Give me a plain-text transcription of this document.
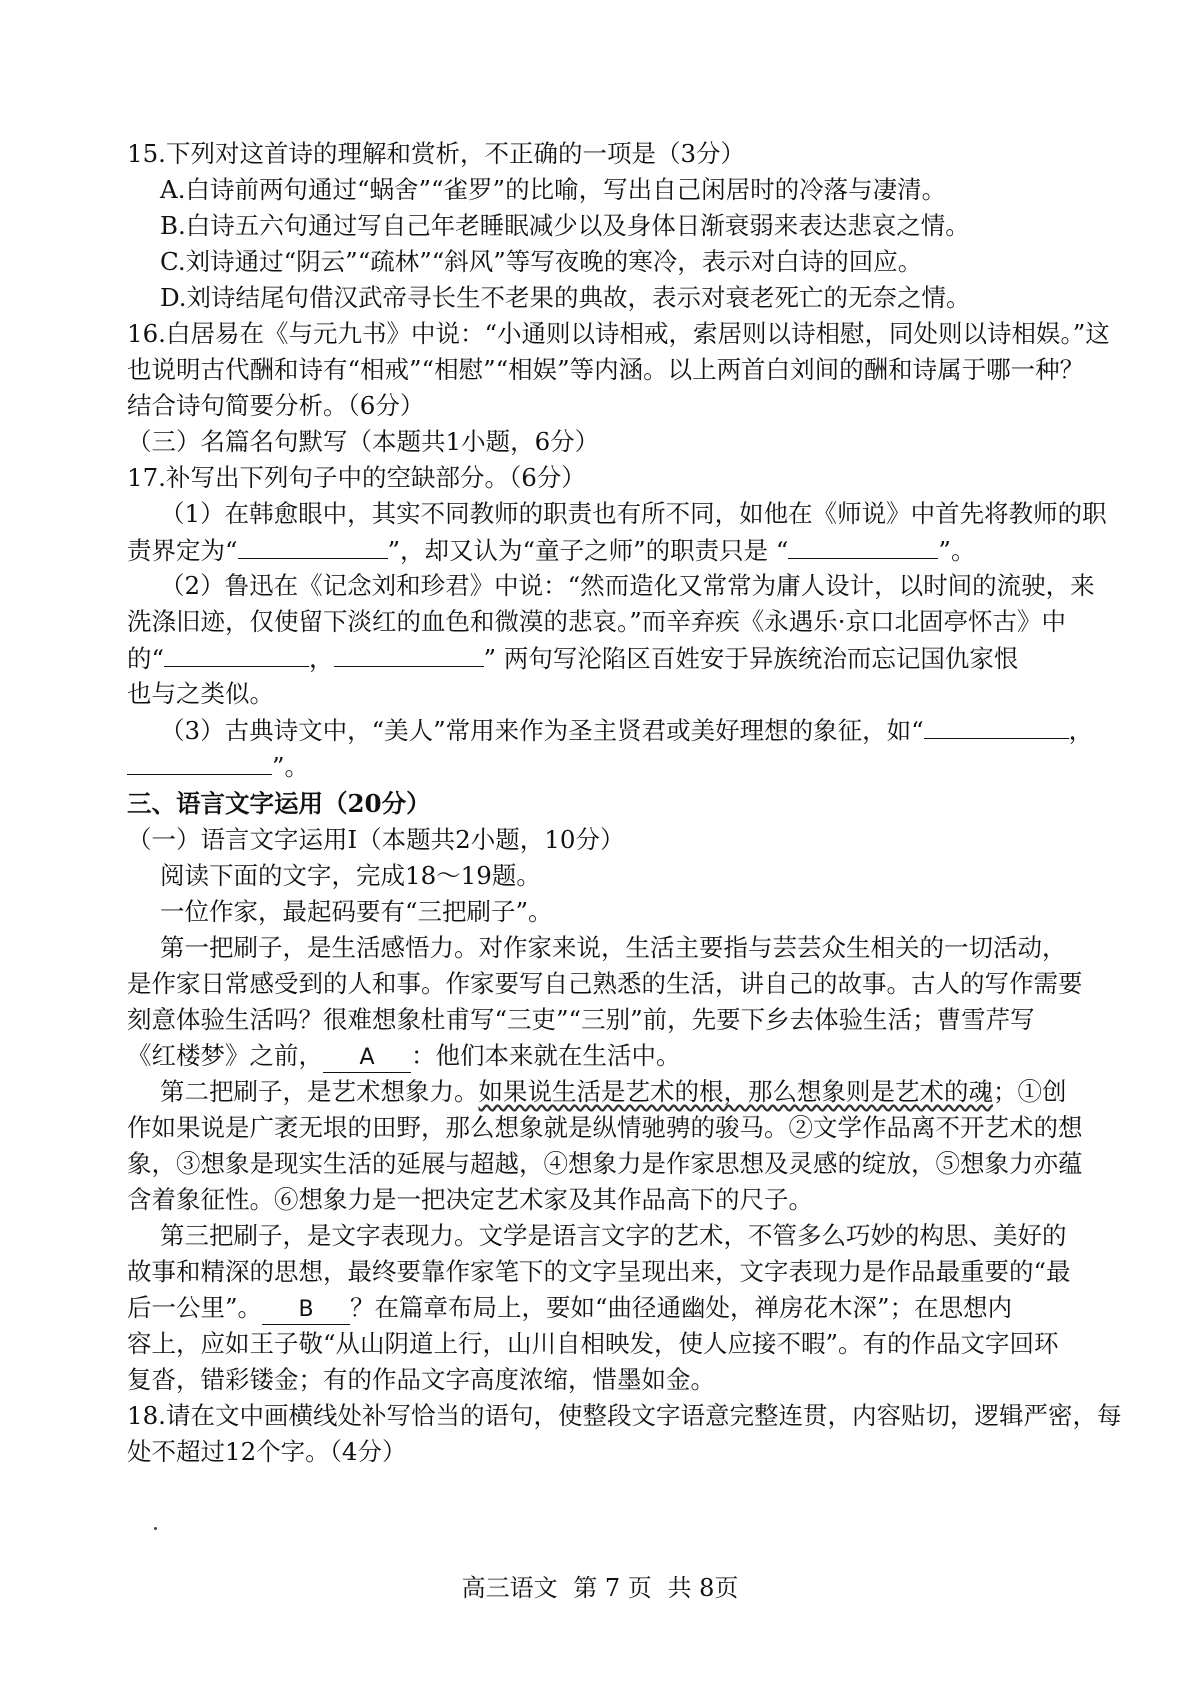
15.下列对这首诗的理解和赏析，不正确的一项是（3分）
A.白诗前两句通过“蜗舍”“雀罗”的比喻，写出自己闲居时的冷落与凄清。
B.白诗五六句通过写自己年老睡眠减少以及身体日渐衰弱来表达悲哀之情。
C.刘诗通过“阴云”“疏林”“斜风”等写夜晚的寒冷，表示对白诗的回应。
D.刘诗结尾句借汉武帝寻长生不老果的典故，表示对衰老死亡的无奈之情。
16.白居易在《与元九书》中说：“小通则以诗相戒，索居则以诗相慰，同处则以诗相娱。”这
也说明古代酬和诗有“相戒”“相慰”“相娱”等内涵。以上两首白刘间的酬和诗属于哪一种？
结合诗句简要分析。（6分）
（三）名篇名句默写（本题共1小题，6分）
17.补写出下列句子中的空缺部分。（6分）
（1）在韩愈眼中，其实不同教师的职责也有所不同，如他在《师说》中首先将教师的职
责界定为“	”，却又认为“童子之师”的职责只是 “	”。
（2）鲁迅在《记念刘和珍君》中说：“然而造化又常常为庸人设计，以时间的流驶，来
洗涤旧迹，仅使留下淡红的血色和微漠的悲哀。”而辛弃疾《永遇乐·京口北固亭怀古》中
的“	，	” 两句写沦陷区百姓安于异族统治而忘记国仇家恨
也与之类似。
（3）古典诗文中，“美人”常用来作为圣主贤君或美好理想的象征，如“	，
”。
三、语言文字运用（20分）
（一）语言文字运用Ⅰ（本题共2小题，10分）
阅读下面的文字，完成18～19题。
一位作家，最起码要有“三把刷子”。
第一把刷子，是生活感悟力。对作家来说，生活主要指与芸芸众生相关的一切活动，
是作家日常感受到的人和事。作家要写自己熟悉的生活，讲自己的故事。古人的写作需要
刻意体验生活吗？很难想象杜甫写“三吏”“三别”前，先要下乡去体验生活；曹雪芹写
《红楼梦》之前， A ：他们本来就在生活中。
第二把刷子，是艺术想象力。如果说生活是艺术的根，那么想象则是艺术的魂；①创
作如果说是广袤无垠的田野，那么想象就是纵情驰骋的骏马。②文学作品离不开艺术的想
象，③想象是现实生活的延展与超越，④想象力是作家思想及灵感的绽放，⑤想象力亦蕴
含着象征性。⑥想象力是一把决定艺术家及其作品高下的尺子。
第三把刷子，是文字表现力。文学是语言文字的艺术，不管多么巧妙的构思、美好的
故事和精深的思想，最终要靠作家笔下的文字呈现出来，文字表现力是作品最重要的“最
后一公里”。 B ？在篇章布局上，要如“曲径通幽处，禅房花木深”；在思想内
容上，应如王子敬“从山阴道上行，山川自相映发，使人应接不暇”。有的作品文字回环
复沓，错彩镂金；有的作品文字高度浓缩，惜墨如金。
18.请在文中画横线处补写恰当的语句，使整段文字语意完整连贯，内容贴切，逻辑严密，每
处不超过12个字。（4分）
高三语文 第 7 页 共 8页
